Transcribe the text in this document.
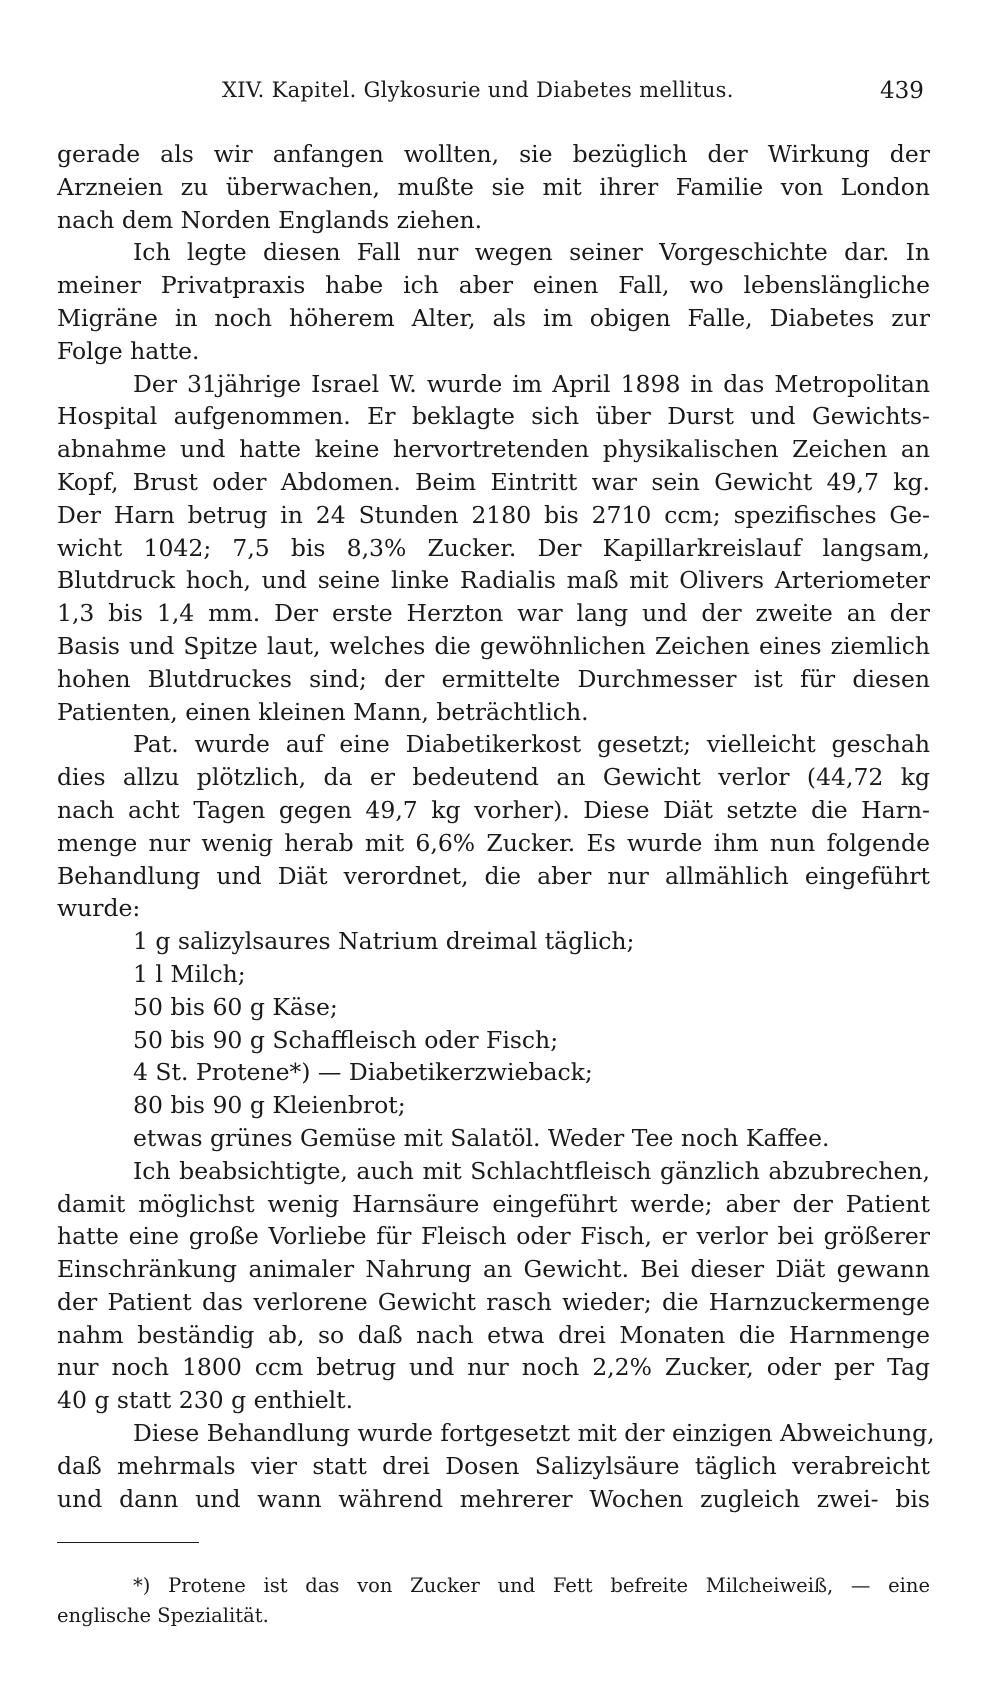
XIV. Kapitel. Glykosurie und Diabetes mellitus.	439
gerade als wir anfangen wollten, sie bezüglich der Wirkung der
Arzneien zu überwachen, mußte sie mit ihrer Familie von London
nach dem Norden Englands ziehen.
Ich legte diesen Fall nur wegen seiner Vorgeschichte dar. In
meiner Privatpraxis habe ich aber einen Fall, wo lebenslängliche
Migräne in noch höherem Alter, als im obigen Falle, Diabetes zur
Folge hatte.
Der 31jährige Israel W. wurde im April 1898 in das Metropolitan
Hospital aufgenommen. Er beklagte sich über Durst und Gewichts-
abnahme und hatte keine hervortretenden physikalischen Zeichen an
Kopf, Brust oder Abdomen. Beim Eintritt war sein Gewicht 49,7 kg.
Der Harn betrug in 24 Stunden 2180 bis 2710 ccm; spezifisches Ge-
wicht 1042; 7,5 bis 8,3% Zucker. Der Kapillarkreislauf langsam,
Blutdruck hoch, und seine linke Radialis maß mit Olivers Arteriometer
1,3 bis 1,4 mm. Der erste Herzton war lang und der zweite an der
Basis und Spitze laut, welches die gewöhnlichen Zeichen eines ziemlich
hohen Blutdruckes sind; der ermittelte Durchmesser ist für diesen
Patienten, einen kleinen Mann, beträchtlich.
Pat. wurde auf eine Diabetikerkost gesetzt; vielleicht geschah
dies allzu plötzlich, da er bedeutend an Gewicht verlor (44,72 kg
nach acht Tagen gegen 49,7 kg vorher). Diese Diät setzte die Harn-
menge nur wenig herab mit 6,6% Zucker. Es wurde ihm nun folgende
Behandlung und Diät verordnet, die aber nur allmählich eingeführt
wurde:
1 g salizylsaures Natrium dreimal täglich;
1 l Milch;
50 bis 60 g Käse;
50 bis 90 g Schaffleisch oder Fisch;
4 St. Protene*) — Diabetikerzwieback;
80 bis 90 g Kleienbrot;
etwas grünes Gemüse mit Salatöl. Weder Tee noch Kaffee.
Ich beabsichtigte, auch mit Schlachtfleisch gänzlich abzubrechen,
damit möglichst wenig Harnsäure eingeführt werde; aber der Patient
hatte eine große Vorliebe für Fleisch oder Fisch, er verlor bei größerer
Einschränkung animaler Nahrung an Gewicht. Bei dieser Diät gewann
der Patient das verlorene Gewicht rasch wieder; die Harnzuckermenge
nahm beständig ab, so daß nach etwa drei Monaten die Harnmenge
nur noch 1800 ccm betrug und nur noch 2,2% Zucker, oder per Tag
40 g statt 230 g enthielt.
Diese Behandlung wurde fortgesetzt mit der einzigen Abweichung,
daß mehrmals vier statt drei Dosen Salizylsäure täglich verabreicht
und dann und wann während mehrerer Wochen zugleich zwei- bis
*) Protene ist das von Zucker und Fett befreite Milcheiweiß, — eine
englische Spezialität.
